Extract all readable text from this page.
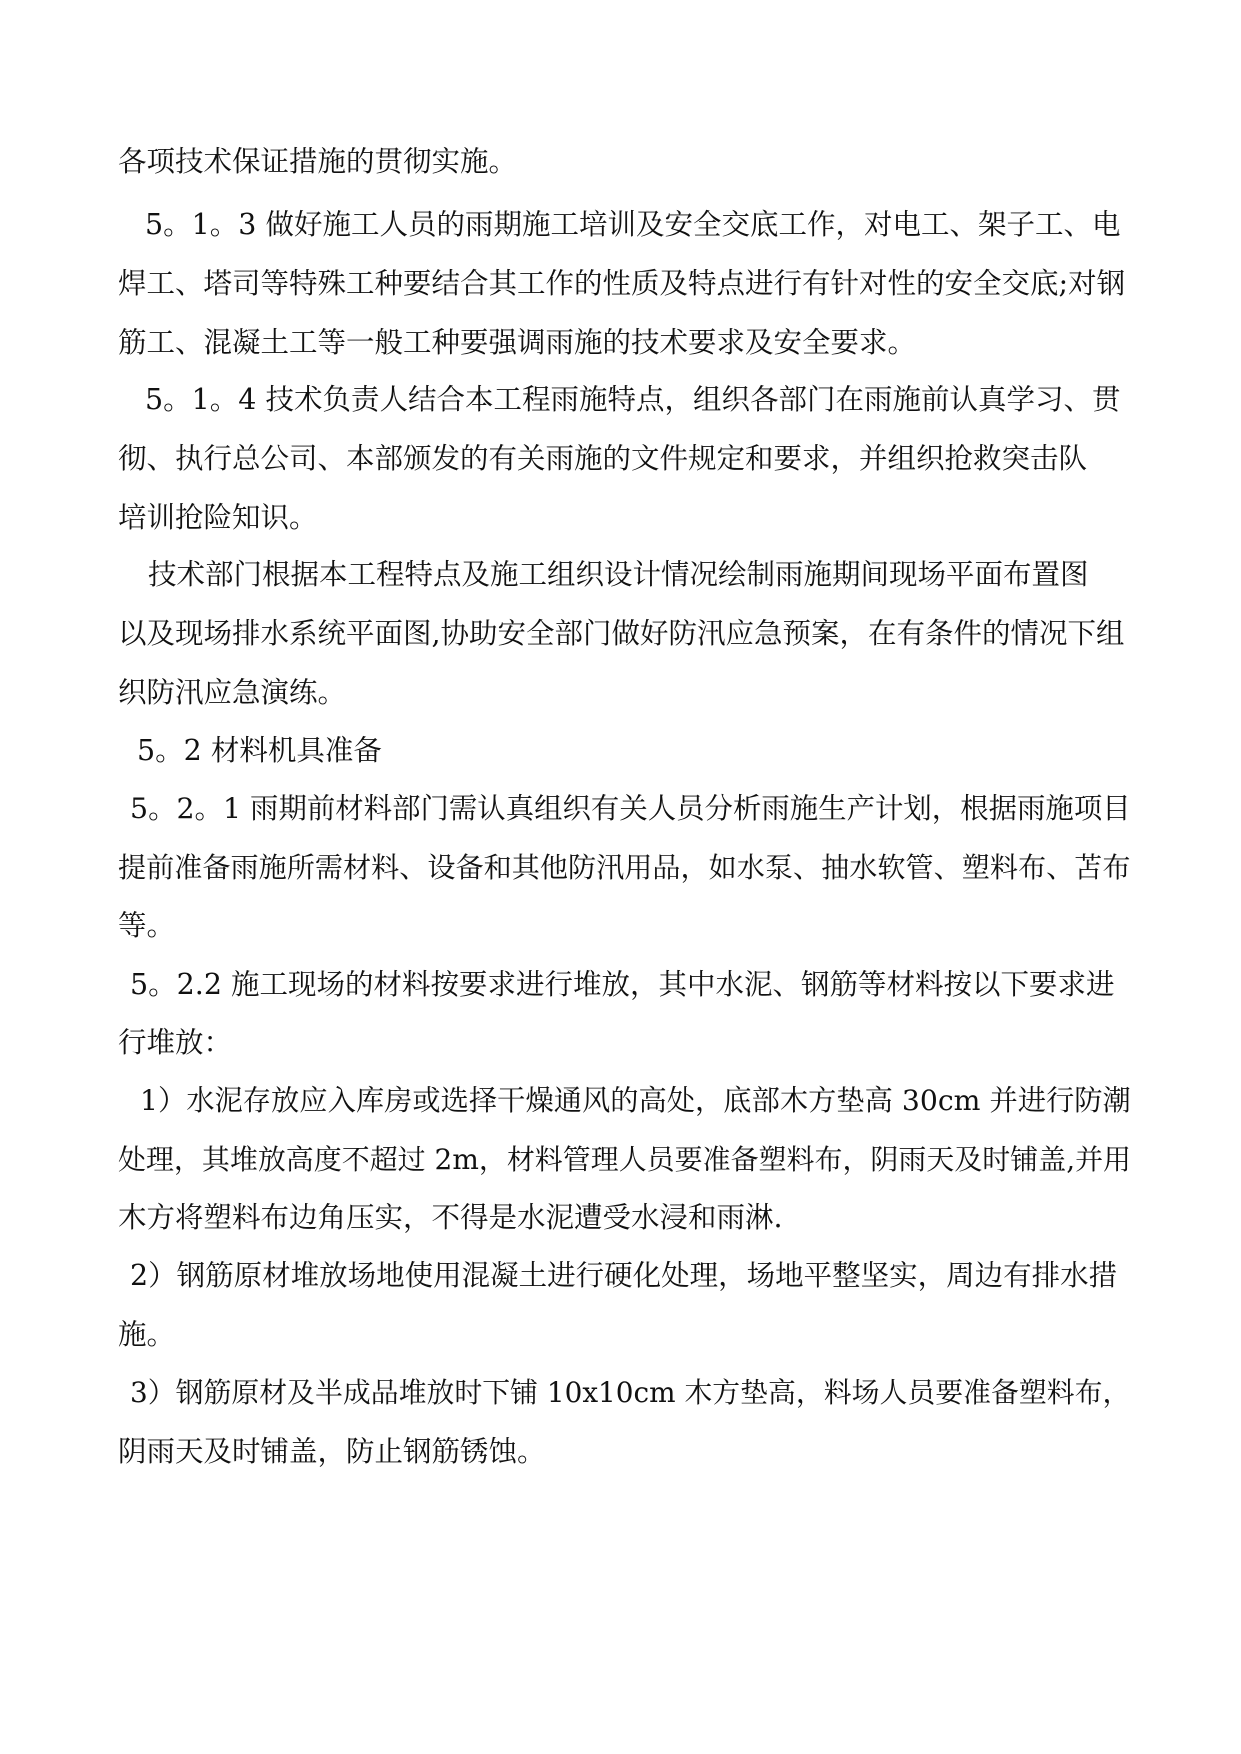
各项技术保证措施的贯彻实施。
5。1。3 做好施工人员的雨期施工培训及安全交底工作，对电工、架子工、电
焊工、塔司等特殊工种要结合其工作的性质及特点进行有针对性的安全交底;对钢
筋工、混凝土工等一般工种要强调雨施的技术要求及安全要求。
5。1。4 技术负责人结合本工程雨施特点，组织各部门在雨施前认真学习、贯
彻、执行总公司、本部颁发的有关雨施的文件规定和要求，并组织抢救突击队
培训抢险知识。
技术部门根据本工程特点及施工组织设计情况绘制雨施期间现场平面布置图
以及现场排水系统平面图,协助安全部门做好防汛应急预案，在有条件的情况下组
织防汛应急演练。
5。2 材料机具准备
5。2。1 雨期前材料部门需认真组织有关人员分析雨施生产计划，根据雨施项目
提前准备雨施所需材料、设备和其他防汛用品，如水泵、抽水软管、塑料布、苫布
等。
5。2.2 施工现场的材料按要求进行堆放，其中水泥、钢筋等材料按以下要求进
行堆放：
1）水泥存放应入库房或选择干燥通风的高处，底部木方垫高 30cm 并进行防潮
处理，其堆放高度不超过 2m，材料管理人员要准备塑料布，阴雨天及时铺盖,并用
木方将塑料布边角压实，不得是水泥遭受水浸和雨淋.
2）钢筋原材堆放场地使用混凝土进行硬化处理，场地平整坚实，周边有排水措
施。
3）钢筋原材及半成品堆放时下铺 10x10cm 木方垫高，料场人员要准备塑料布，
阴雨天及时铺盖，防止钢筋锈蚀。
